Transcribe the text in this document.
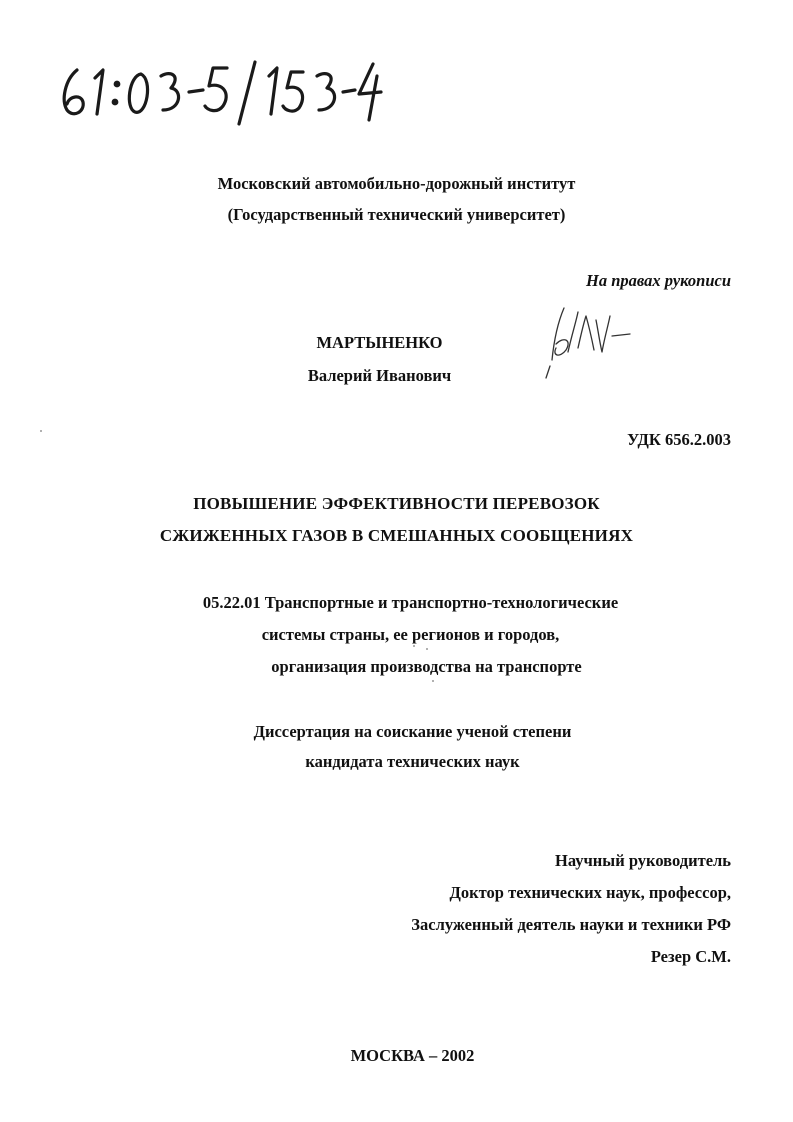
Московский автомобильно-дорожный институт
(Государственный технический университет)
На правах рукописи
МАРТЫНЕНКО
Валерий Иванович
УДК 656.2.003
ПОВЫШЕНИЕ ЭФФЕКТИВНОСТИ ПЕРЕВОЗОК
СЖИЖЕННЫХ ГАЗОВ В СМЕШАННЫХ СООБЩЕНИЯХ
05.22.01 Транспортные и транспортно-технологические
системы страны, ее регионов и городов,
организация производства на транспорте
Диссертация на соискание ученой степени
кандидата технических наук
Научный руководитель
Доктор технических наук, профессор,
Заслуженный деятель науки и техники РФ
Резер С.М.
МОСКВА – 2002
